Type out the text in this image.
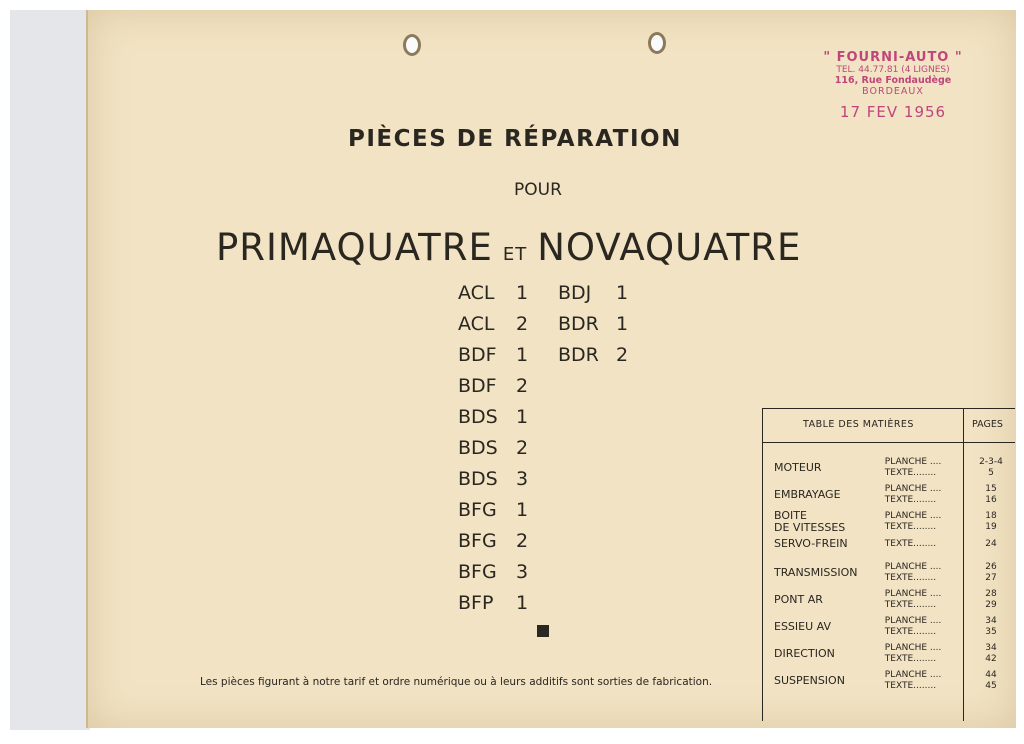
PIÈCES DE RÉPARATION
POUR
PRIMAQUATRE ET NOVAQUATRE
ACL 1
ACL 2
BDF 1
BDF 2
BDS 1
BDS 2
BDS 3
BFG 1
BFG 2
BFG 3
BFP 1
BDJ 1
BDR 1
BDR 2
Les pièces figurant à notre tarif et ordre numérique ou à leurs additifs sont sorties de fabrication.
" FOURNI-AUTO "
TEL. 44.77.81 (4 LIGNES)
116, Rue Fondaudège
BORDEAUX
17 FEV 1956
TABLE DES MATIÈRES	PAGES
MOTEUR	 PLANCHE ....	2-3-4
 TEXTE........	5
EMBRAYAGE	 PLANCHE ....	15
 TEXTE........	16
BOITE
DE VITESSES
 PLANCHE ....	18
 TEXTE........	19
SERVO-FREIN	 TEXTE........	24
TRANSMISSION	 PLANCHE ....	26
 TEXTE........	27
PONT AR	 PLANCHE ....	28
 TEXTE........	29
ESSIEU AV	 PLANCHE ....	34
 TEXTE........	35
DIRECTION	 PLANCHE ....	34
 TEXTE........	42
SUSPENSION	 PLANCHE ....	44
 TEXTE........	45
